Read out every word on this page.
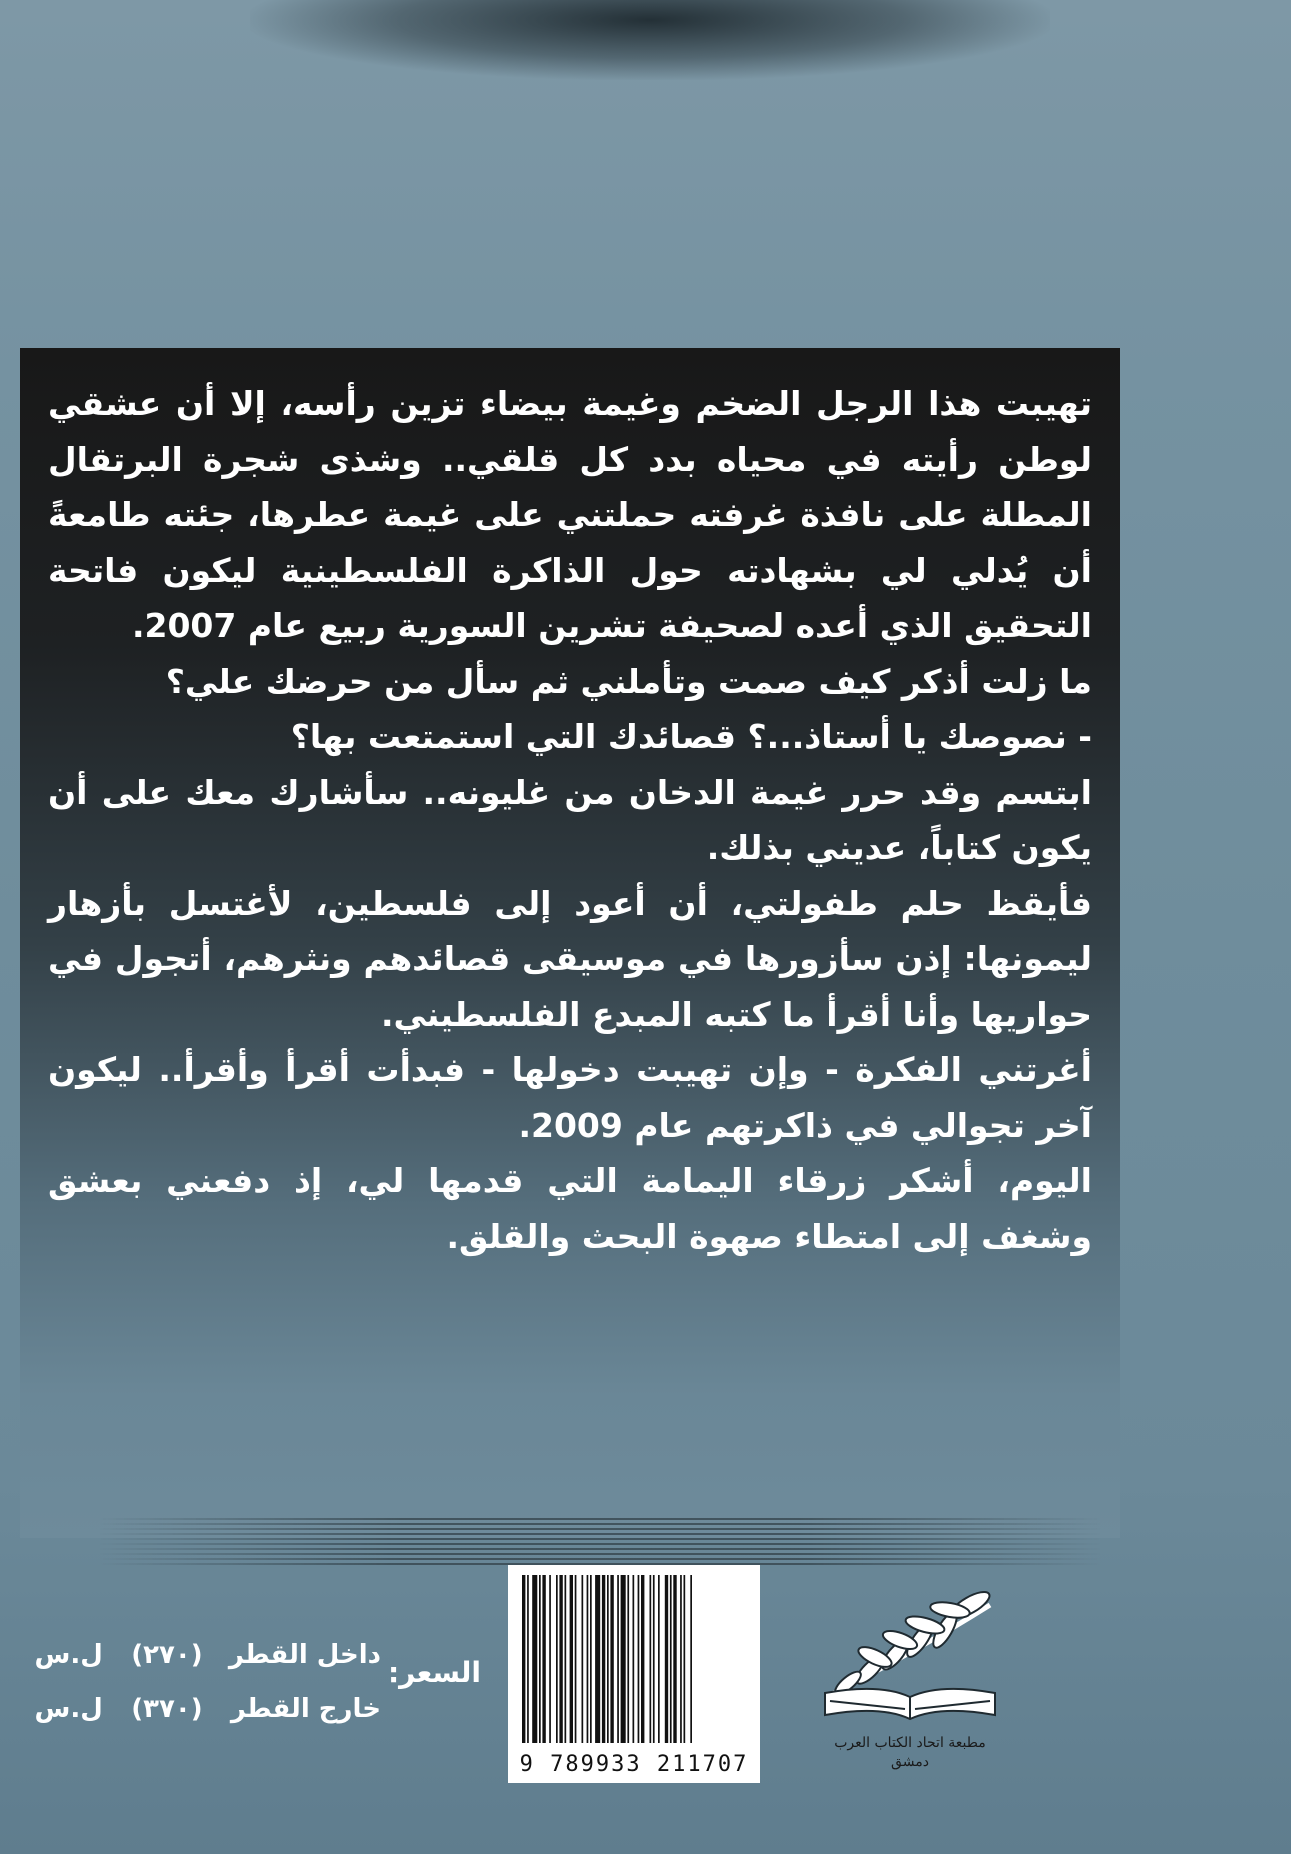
تهيبت هذا الرجل الضخم وغيمة بيضاء تزين رأسه، إلا أن عشقي لوطن رأيته في محياه بدد كل قلقي.. وشذى شجرة البرتقال المطلة على نافذة غرفته حملتني على غيمة عطرها، جئته طامعةً أن يُدلي لي بشهادته حول الذاكرة الفلسطينية ليكون فاتحة التحقيق الذي أعده لصحيفة تشرين السورية ربيع عام 2007.

ما زلت أذكر كيف صمت وتأملني ثم سأل من حرضك علي؟

- نصوصك يا أستاذ...؟ قصائدك التي استمتعت بها؟

ابتسم وقد حرر غيمة الدخان من غليونه.. سأشارك معك على أن يكون كتاباً، عديني بذلك.

فأيقظ حلم طفولتي، أن أعود إلى فلسطين، لأغتسل بأزهار ليمونها: إذن سأزورها في موسيقى قصائدهم ونثرهم، أتجول في حواريها وأنا أقرأ ما كتبه المبدع الفلسطيني.

أغرتني الفكرة - وإن تهيبت دخولها - فبدأت أقرأ وأقرأ.. ليكون آخر تجوالي في ذاكرتهم عام 2009.

اليوم، أشكر زرقاء اليمامة التي قدمها لي، إذ دفعني بعشق وشغف إلى امتطاء صهوة البحث والقلق.

9 789933 211707
مطبعة اتحاد الكتاب العرب
دمشق
السعر:
داخل القطر (٢٧٠) ل.س
خارج القطر (٣٧٠) ل.س
